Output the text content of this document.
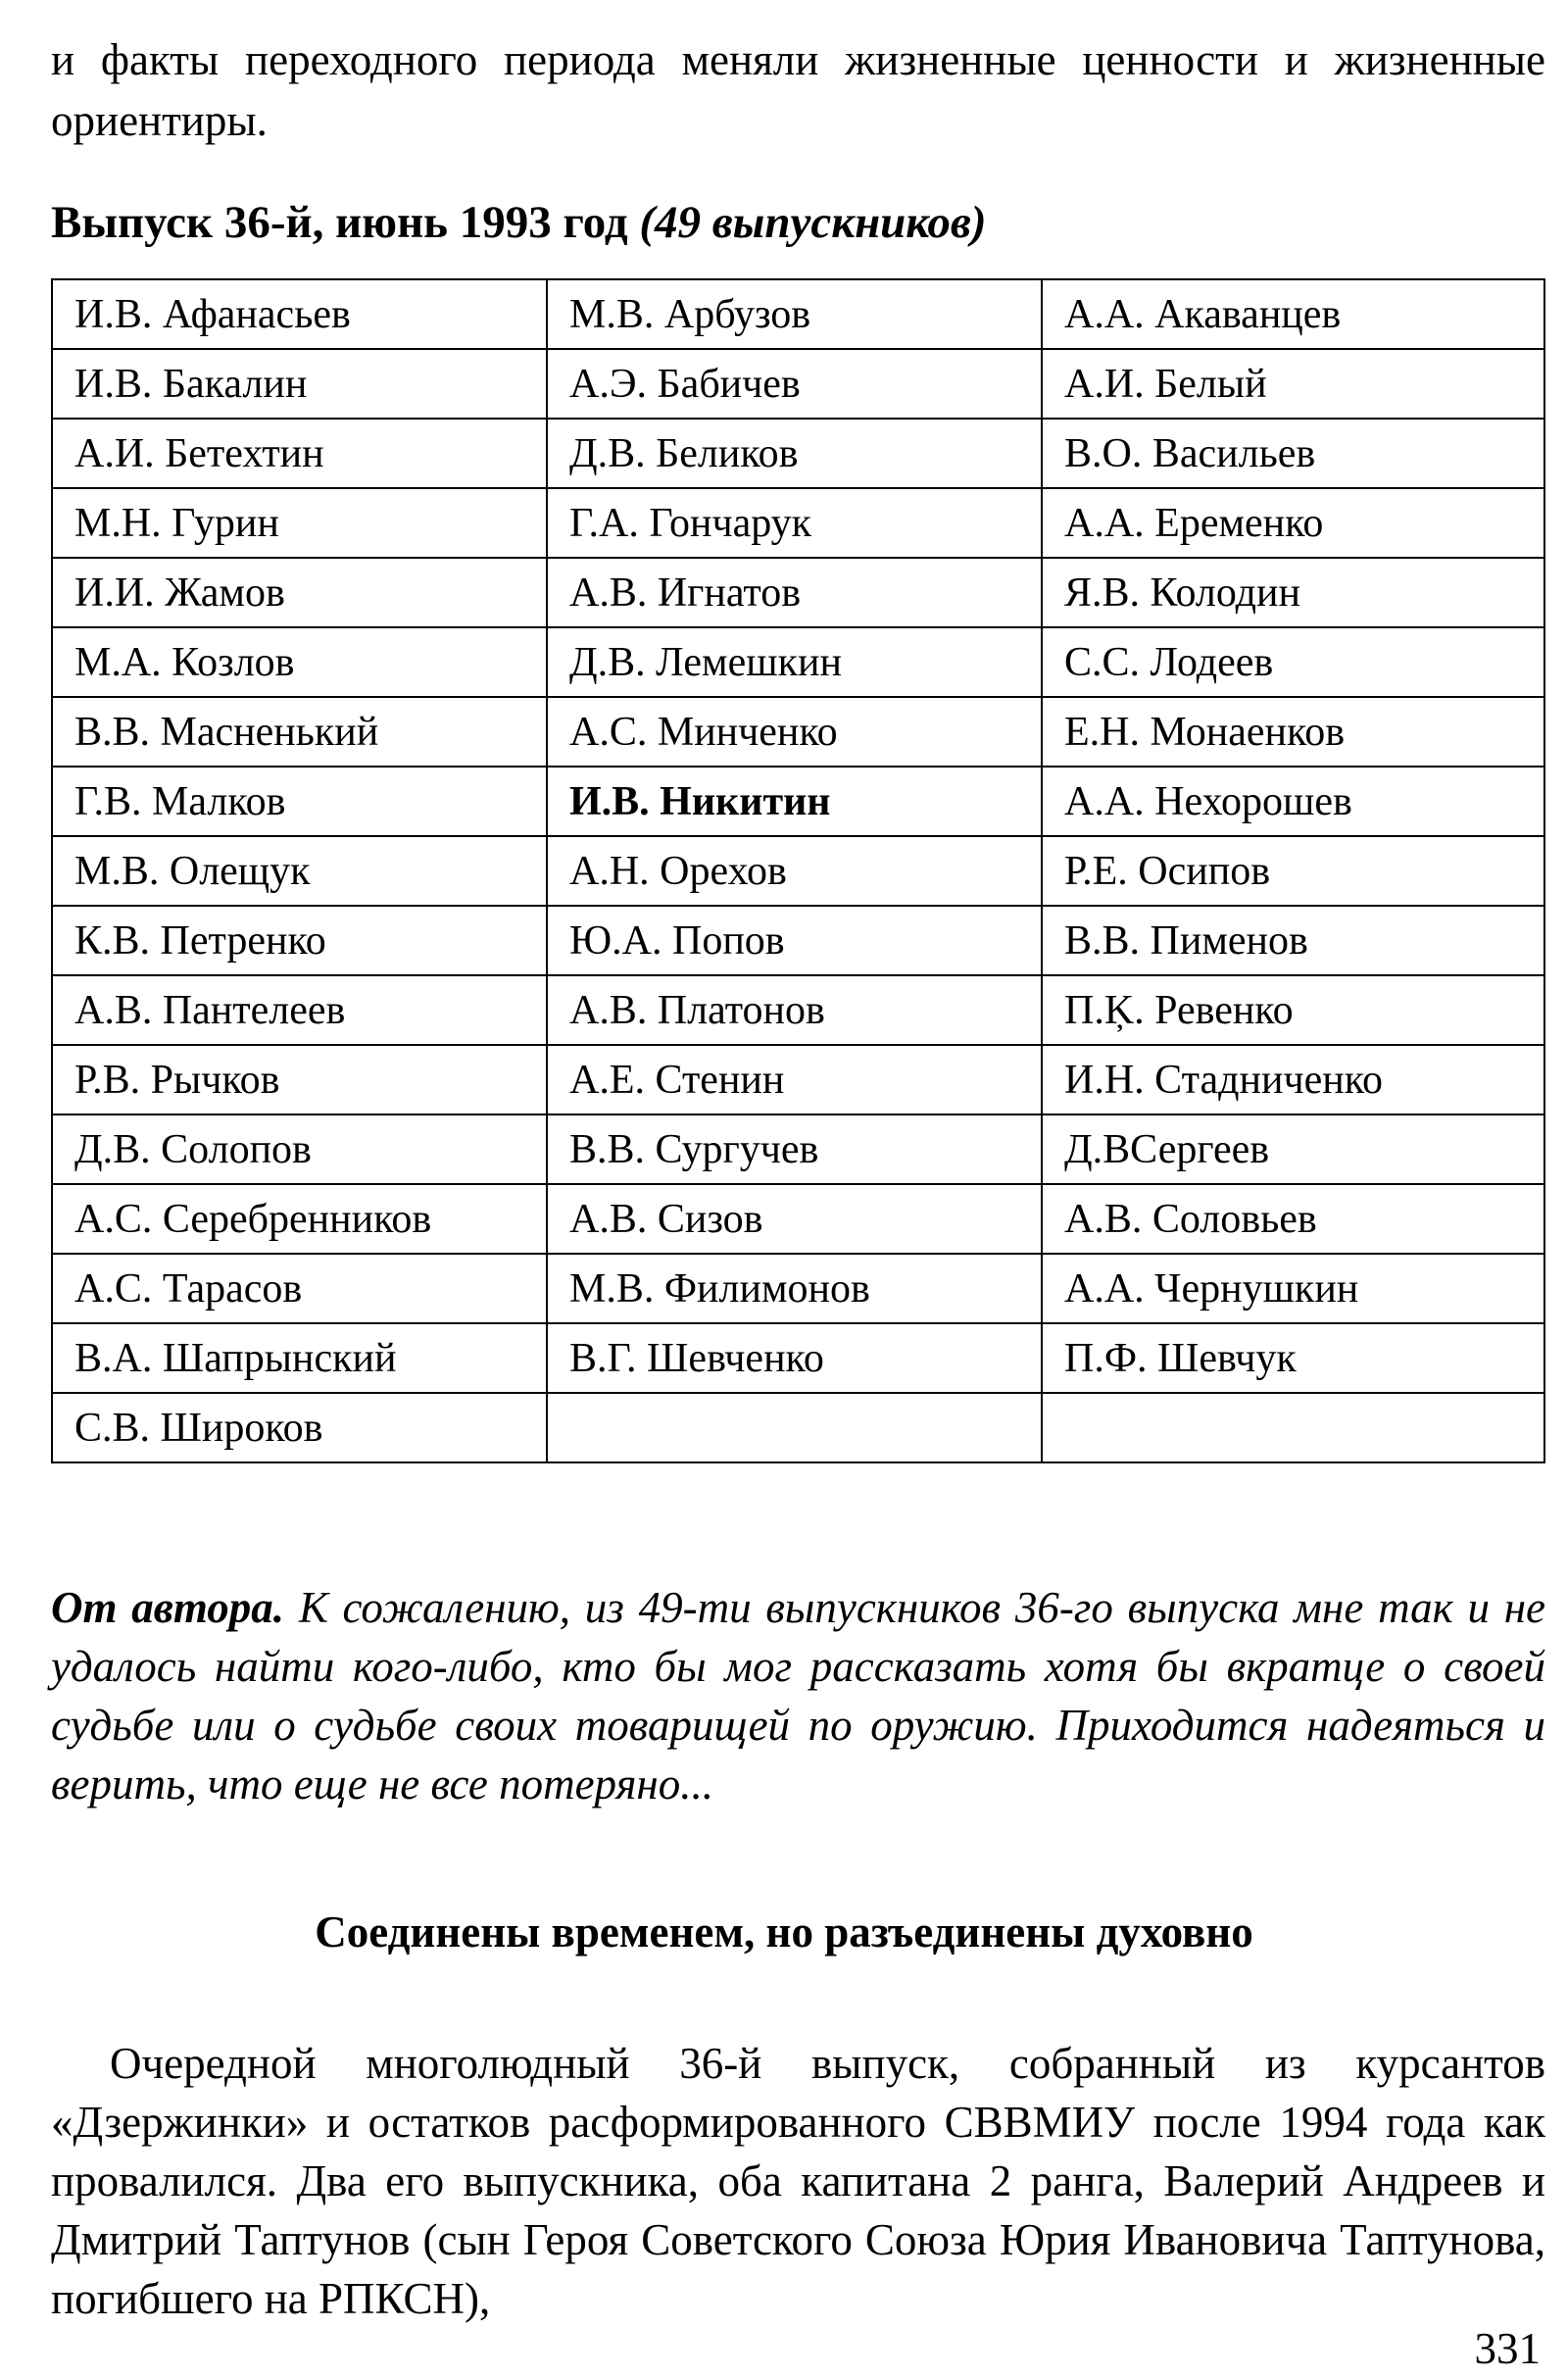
и факты переходного периода меняли жизненные ценности и жизненные ориентиры.

Выпуск 36-й, июнь 1993 год (49 выпускников)

И.В. Афанасьев	М.В. Арбузов	А.А. Акаванцев
И.В. Бакалин	А.Э. Бабичев	А.И. Белый
А.И. Бетехтин	Д.В. Беликов	В.О. Васильев
М.Н. Гурин	Г.А. Гончарук	А.А. Еременко
И.И. Жамов	А.В. Игнатов	Я.В. Колодин
М.А. Козлов	Д.В. Лемешкин	С.С. Лодеев
В.В. Масненький	А.С. Минченко	Е.Н. Монаенков
Г.В. Малков	И.В. Никитин	А.А. Нехорошев
М.В. Олещук	А.Н. Орехов	Р.Е. Осипов
К.В. Петренко	Ю.А. Попов	В.В. Пименов
А.В. Пантелеев	А.В. Платонов	П.Ķ. Ревенко
Р.В. Рычков	А.Е. Стенин	И.Н. Стадниченко
Д.В. Солопов	В.В. Сургучев	Д.ВСергеев
А.С. Серебренников	А.В. Сизов	А.В. Соловьев
А.С. Тарасов	М.В. Филимонов	А.А. Чернушкин
В.А. Шапрынский	В.Г. Шевченко	П.Ф. Шевчук
С.В. Широков		

От автора. К сожалению, из 49-ти выпускников 36-го выпуска мне так и не удалось найти кого-либо, кто бы мог рассказать хотя бы вкратце о своей судьбе или о судьбе своих товарищей по оружию. Приходится надеяться и верить, что еще не все потеряно...

Соединены временем, но разъединены духовно

Очередной многолюдный 36-й выпуск, собранный из курсантов «Дзержинки» и остатков расформированного СВВМИУ после 1994 года как провалился. Два его выпускника, оба капитана 2 ранга, Валерий Андреев и Дмитрий Таптунов (сын Героя Советского Союза Юрия Ивановича Таптунова, погибшего на РПКСН),

331
